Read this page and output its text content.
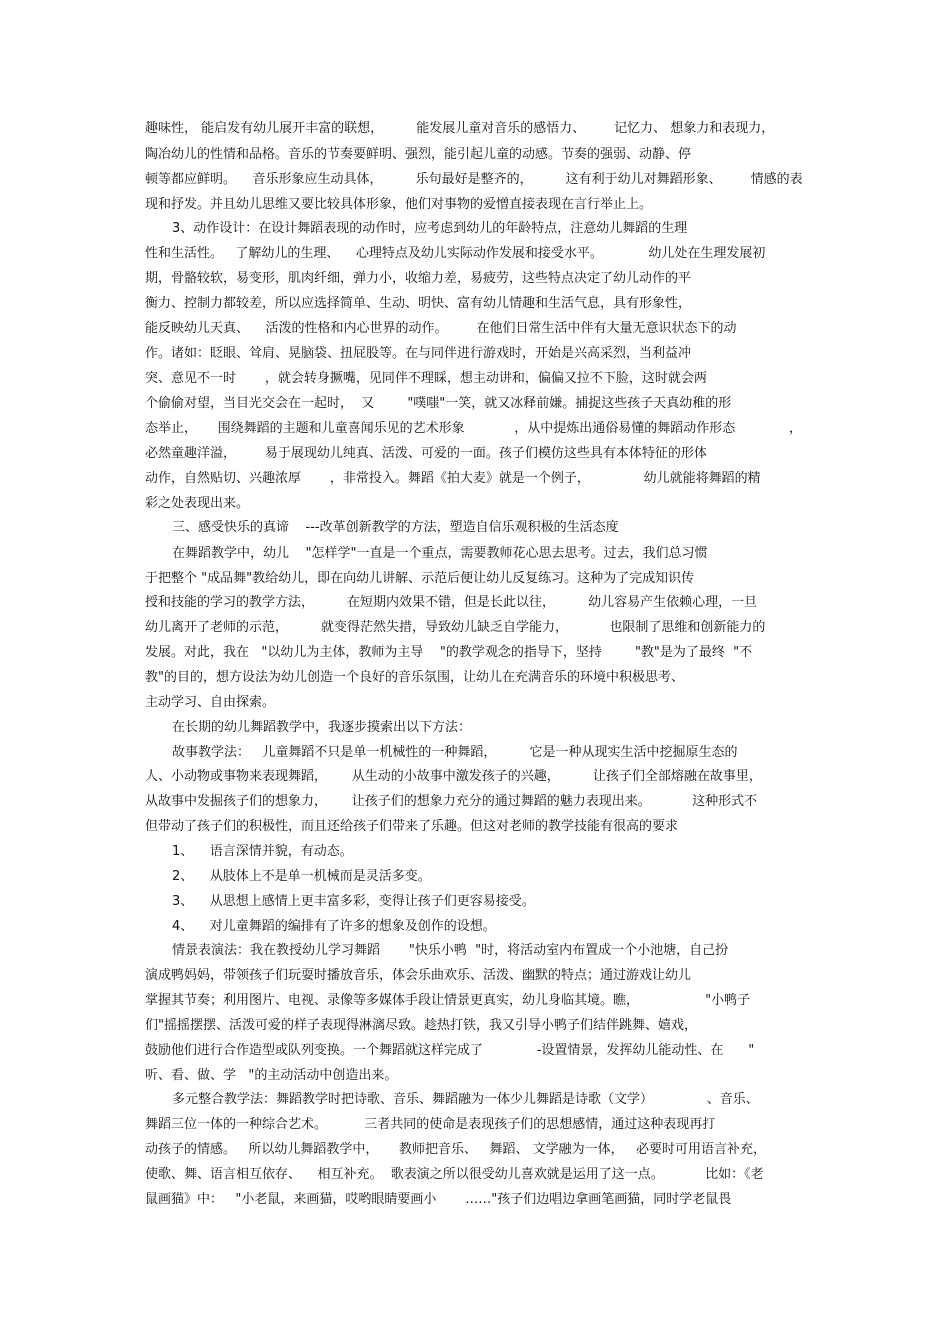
趣味性， 能启发有幼儿展开丰富的联想，        能发展儿童对音乐的感悟力、       记忆力、 想象力和表现力，
陶冶幼儿的性情和品格。音乐的节奏要鲜明、强烈，能引起儿童的动感。节奏的强弱、动静、停
顿等都应鲜明。    音乐形象应生动具体，        乐句最好是整齐的，        这有利于幼儿对舞蹈形象、       情感的表
现和抒发。并且幼儿思维又要比较具体形象，他们对事物的爱憎直接表现在言行举止上。
3、动作设计：在设计舞蹈表现的动作时，应考虑到幼儿的年龄特点，注意幼儿舞蹈的生理
性和生活性。   了解幼儿的生理、    心理特点及幼儿实际动作发展和接受水平。           幼儿处在生理发展初
期，骨骼较软，易变形，肌肉纤细，弹力小，收缩力差，易疲劳，这些特点决定了幼儿动作的平
衡力、控制力都较差，所以应选择简单、生动、明快、富有幼儿情趣和生活气息，具有形象性，
能反映幼儿天真、    活泼的性格和内心世界的动作。       在他们日常生活中伴有大量无意识状态下的动
作。诸如：眨眼、耸肩、晃脑袋、扭屁股等。在与同伴进行游戏时，开始是兴高采烈，当利益冲
突、意见不一时       ，就会转身撅嘴，见同伴不理睬，想主动讲和，偏偏又拉不下脸，这时就会两
个偷偷对望，当目光交会在一起时，  又        "噗嗤"一笑，就又冰释前嫌。捕捉这些孩子天真幼稚的形
态举止，     围绕舞蹈的主题和儿童喜闻乐见的艺术形象            ，从中提炼出通俗易懂的舞蹈动作形态             ，
必然童趣洋溢，       易于展现幼儿纯真、活泼、可爱的一面。孩子们模仿这些具有本体特征的形体
动作，自然贴切、兴趣浓厚       ，非常投入。舞蹈《拍大麦》就是一个例子，             幼儿就能将舞蹈的精
彩之处表现出来。
三、感受快乐的真谛    ---改革创新教学的方法，塑造自信乐观积极的生活态度
在舞蹈教学中，幼儿    "怎样学"一直是一个重点，需要教师花心思去思考。过去，我们总习惯
于把整个 "成品舞"教给幼儿，即在向幼儿讲解、示范后便让幼儿反复练习。这种为了完成知识传
授和技能的学习的教学方法，        在短期内效果不错，但是长此以往，        幼儿容易产生依赖心理，一旦
幼儿离开了老师的示范，        就变得茫然失措，导致幼儿缺乏自学能力，          也限制了思维和创新能力的
发展。对此，我在   "以幼儿为主体，教师为主导    "的教学观念的指导下，坚持        "教"是为了最终  "不
教"的目的，想方设法为幼儿创造一个良好的音乐氛围，让幼儿在充满音乐的环境中积极思考、
主动学习、自由探索。
在长期的幼儿舞蹈教学中，我逐步摸索出以下方法：
故事教学法：   儿童舞蹈不只是单一机械性的一种舞蹈，        它是一种从现实生活中挖掘原生态的
人、小动物或事物来表现舞蹈，      从生动的小故事中激发孩子的兴趣，        让孩子们全部熔融在故事里，
从故事中发掘孩子们的想象力，      让孩子们的想象力充分的通过舞蹈的魅力表现出来。          这种形式不
但带动了孩子们的积极性，而且还给孩子们带来了乐趣。但这对老师的教学技能有很高的要求
1、    语言深情并貌，有动态。
2、    从肢体上不是单一机械而是灵活多变。
3、    从思想上感情上更丰富多彩，变得让孩子们更容易接受。
4、    对儿童舞蹈的编排有了许多的想象及创作的设想。
情景表演法：我在教授幼儿学习舞蹈       "快乐小鸭  "时，将活动室内布置成一个小池塘，自己扮
演成鸭妈妈，带领孩子们玩耍时播放音乐，体会乐曲欢乐、活泼、幽默的特点；通过游戏让幼儿
掌握其节奏；利用图片、电视、录像等多媒体手段让情景更真实，幼儿身临其境。瞧，                "小鸭子
们"摇摇摆摆、活泼可爱的样子表现得淋漓尽致。趁热打铁，我又引导小鸭子们结伴跳舞、嬉戏，
鼓励他们进行合作造型或队列变换。一个舞蹈就这样完成了             -设置情景，发挥幼儿能动性、在      "
听、看、做、学   "的主动活动中创造出来。
多元整合教学法：舞蹈教学时把诗歌、音乐、舞蹈融为一体少儿舞蹈是诗歌（文学）             、音乐、
舞蹈三位一体的一种综合艺术。         三者共同的使命是表现孩子们的思想感情，通过这种表现再打
动孩子的情感。   所以幼儿舞蹈教学中，     教师把音乐、   舞蹈、 文学融为一体，   必要时可用语言补充，
使歌、舞、语言相互依存、    相互补充。  歌表演之所以很受幼儿喜欢就是运用了这一点。          比如：《老
鼠画猫》中：   "小老鼠，来画猫，哎哟眼睛要画小       ……"孩子们边唱边拿画笔画猫，同时学老鼠畏
